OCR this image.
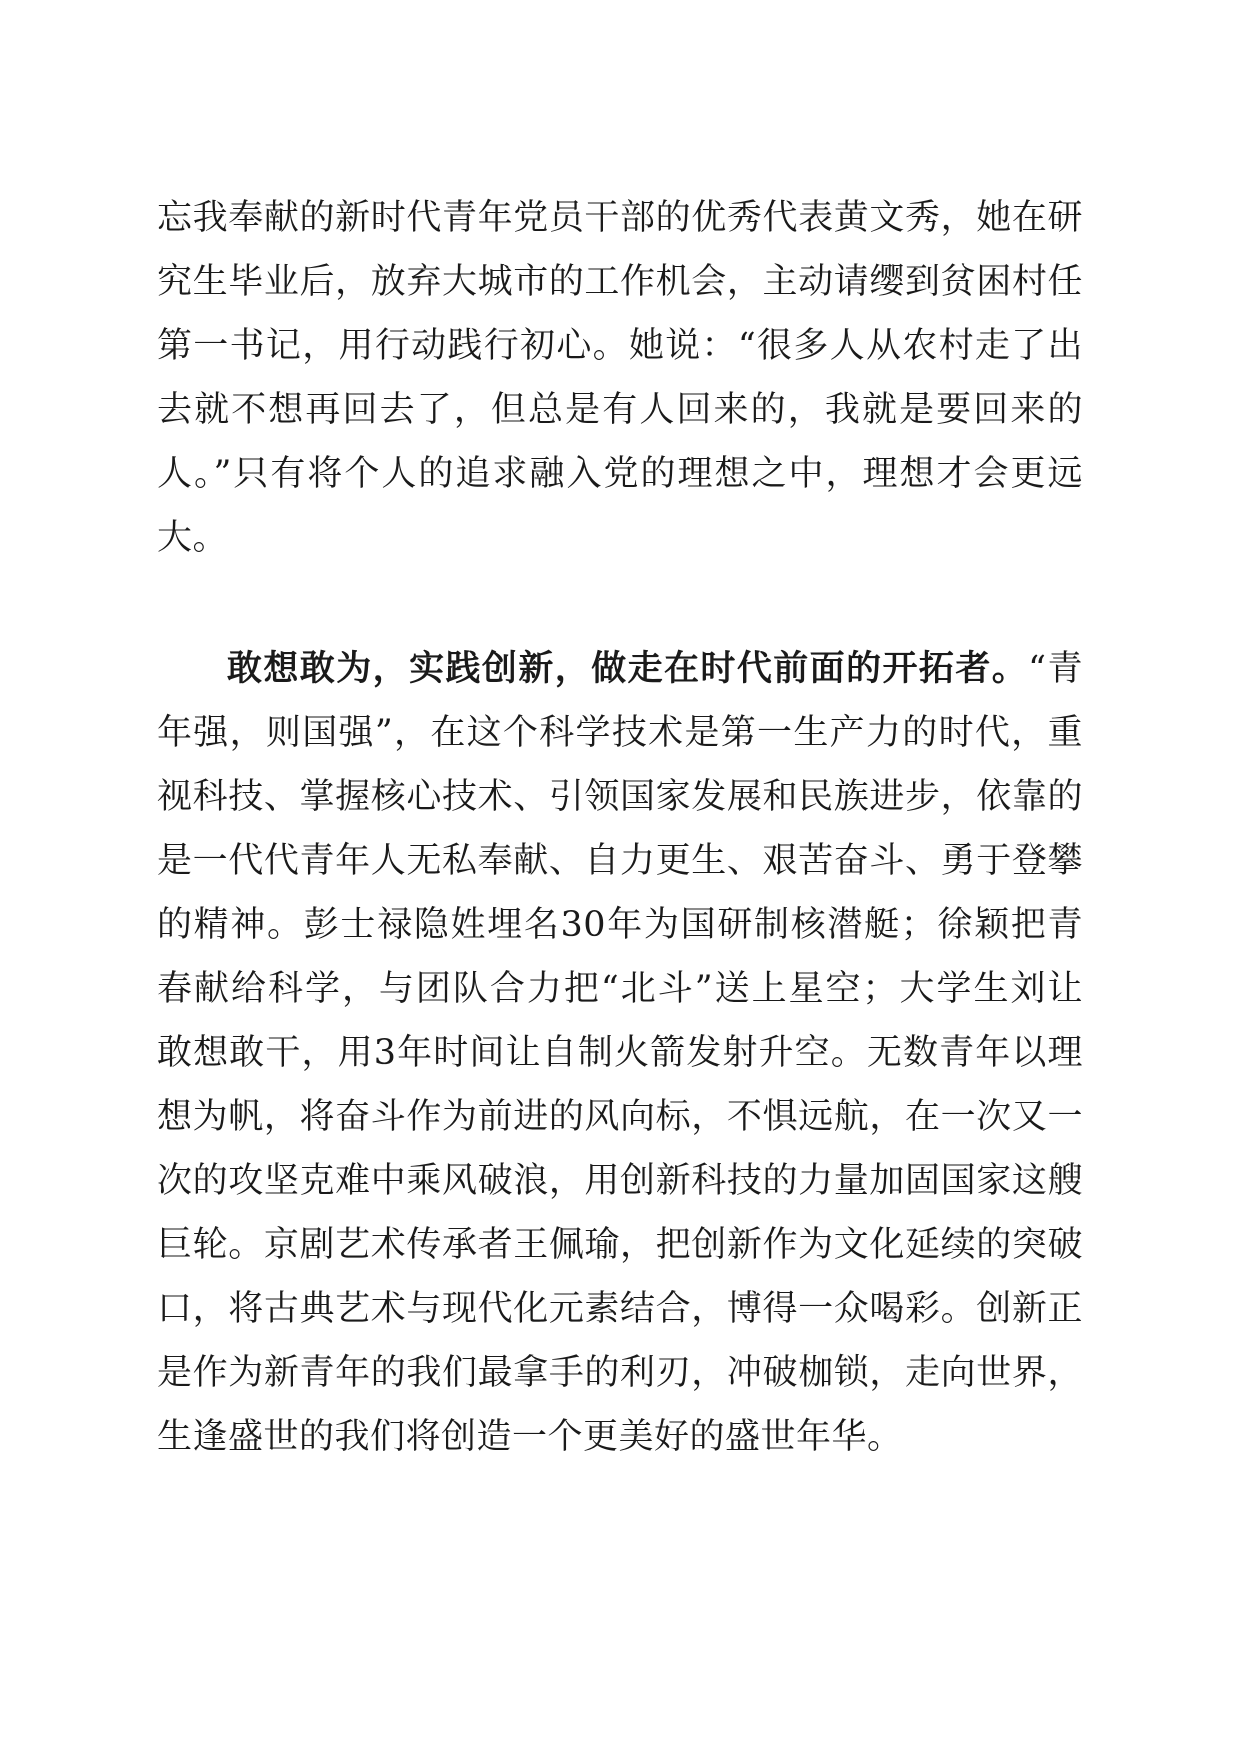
忘我奉献的新时代青年党员干部的优秀代表黄文秀，她在研
究生毕业后，放弃大城市的工作机会，主动请缨到贫困村任
第一书记，用行动践行初心。她说：“很多人从农村走了出
去就不想再回去了，但总是有人回来的，我就是要回来的
人。”只有将个人的追求融入党的理想之中，理想才会更远
大。
敢想敢为，实践创新，做走在时代前面的开拓者。“青
年强，则国强”，在这个科学技术是第一生产力的时代，重
视科技、掌握核心技术、引领国家发展和民族进步，依靠的
是一代代青年人无私奉献、自力更生、艰苦奋斗、勇于登攀
的精神。彭士禄隐姓埋名30年为国研制核潜艇；徐颖把青
春献给科学，与团队合力把“北斗”送上星空；大学生刘让
敢想敢干，用3年时间让自制火箭发射升空。无数青年以理
想为帆，将奋斗作为前进的风向标，不惧远航，在一次又一
次的攻坚克难中乘风破浪，用创新科技的力量加固国家这艘
巨轮。京剧艺术传承者王佩瑜，把创新作为文化延续的突破
口，将古典艺术与现代化元素结合，博得一众喝彩。创新正
是作为新青年的我们最拿手的利刃，冲破枷锁，走向世界，
生逢盛世的我们将创造一个更美好的盛世年华。
